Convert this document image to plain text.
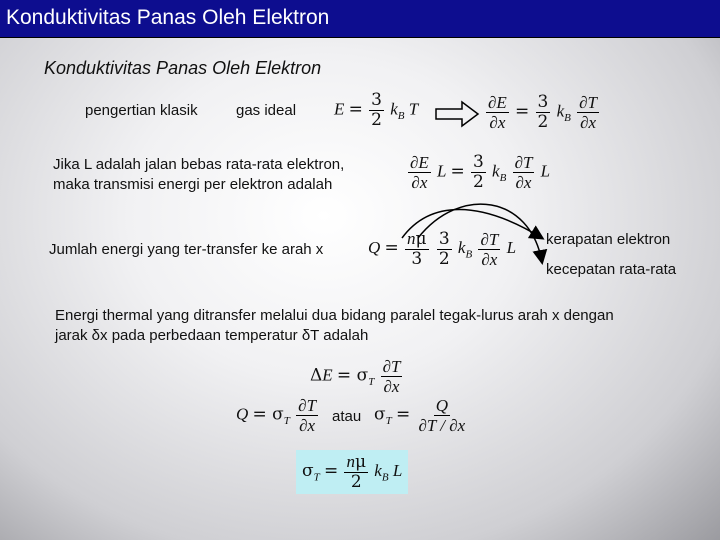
Konduktivitas Panas Oleh Elektron
Konduktivitas Panas Oleh Elektron
pengertian klasik	gas ideal $E = \frac{3}{2} k_B$ T	$\frac{\partial E}{\partial x} = \frac{3}{2} k_B \frac{\partial T}{\partial x}$
Jika L adalah jalan bebas rata-rata elektron,
maka transmisi energi per elektron adalah	$\frac{\partial E}{\partial x}$ $L = \frac{3}{2} k_B \frac{\partial T}{\partial x}$ L
Jumlah energi yang ter-transfer ke arah x	$Q = \frac{n\mu}{3}$
$\frac{3}{2} k_B \frac{\partial T}{\partial x}$ L kerapatan elektron
kecepatan rata-rata
Energi thermal yang ditransfer melalui dua bidang paralel tegak-lurus arah x dengan
jarak δx pada perbedaan temperatur δT adalah
$\Delta E = \sigma_T \frac{\partial T}{\partial x}$
$Q = \sigma_T \frac{\partial T}{\partial x}$ atau $\sigma_T = \frac{Q}{\partial T / \partial x}$
$\sigma_T = \frac{n\mu}{2} k_B$ L
